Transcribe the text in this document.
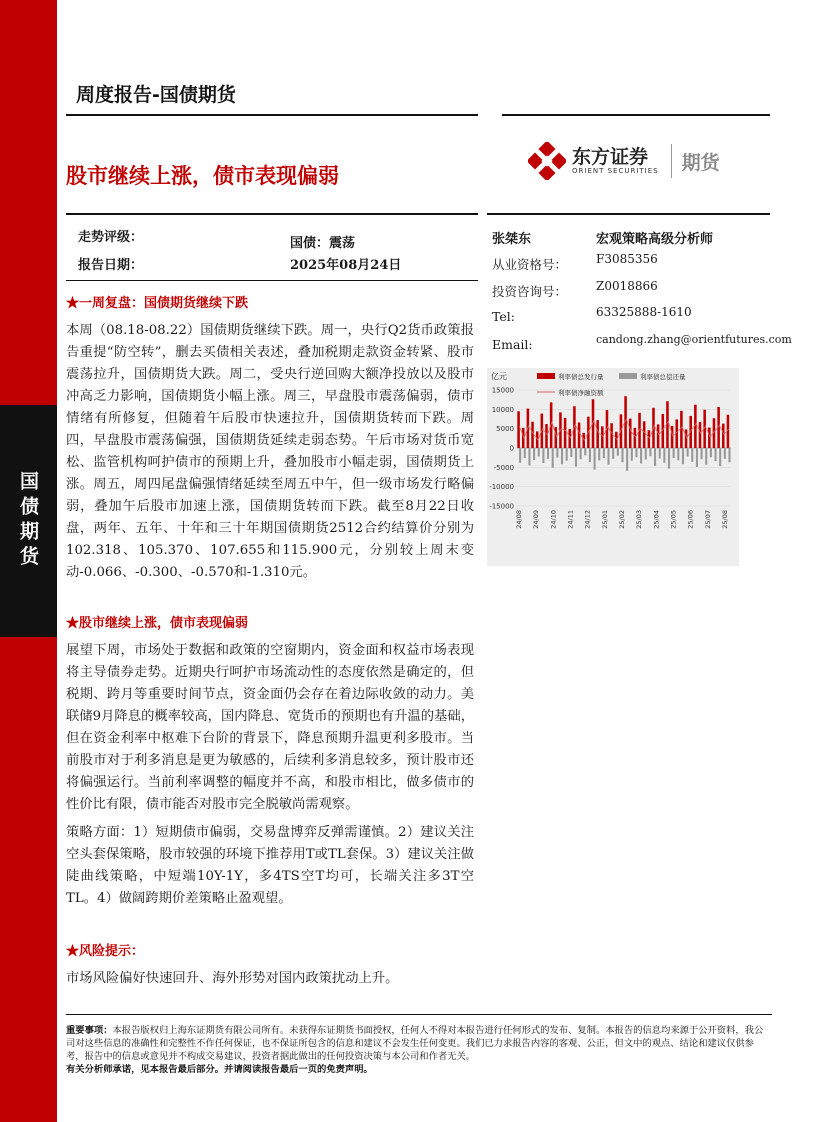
国债期货
周度报告-国债期货
股市继续上涨，债市表现偏弱
东方证券
ORIENT SECURITIES 期货
走势评级：	国债：震荡
报告日期：	2025年08月24日
张桀东	宏观策略高级分析师
从业资格号： F3085356
投资咨询号： Z0018866
Tel:	63325888-1610
Email:	candong.zhang@orientfutures.com
15000
10000
5000
0
-5000
-10000
-15000
24/08 24/09 24/10 24/11 24/12 25/01 25/02 25/03 25/04 25/05 25/06 25/07 25/08
亿元	利率债总发行量	利率债总偿还量
利率债净融资额
★一周复盘：国债期货继续下跌

本周（08.18-08.22）国债期货继续下跌。周一，央行Q2货币政策报告重提“防空转”，删去买债相关表述，叠加税期走款资金转紧、股市震荡拉升，国债期货大跌。周二，受央行逆回购大额净投放以及股市冲高乏力影响，国债期货小幅上涨。周三，早盘股市震荡偏弱，债市情绪有所修复，但随着午后股市快速拉升，国债期货转而下跌。周四，早盘股市震荡偏强，国债期货延续走弱态势。午后市场对货币宽松、监管机构呵护债市的预期上升，叠加股市小幅走弱，国债期货上涨。周五，周四尾盘偏强情绪延续至周五中午，但一级市场发行略偏弱，叠加午后股市加速上涨，国债期货转而下跌。截至8月22日收盘，两年、五年、十年和三十年期国债期货2512合约结算价分别为102.318、105.370、107.655和115.900元，分别较上周末变动-0.066、-0.300、-0.570和-1.310元。

★股市继续上涨，债市表现偏弱

展望下周，市场处于数据和政策的空窗期内，资金面和权益市场表现将主导债券走势。近期央行呵护市场流动性的态度依然是确定的，但税期、跨月等重要时间节点，资金面仍会存在着边际收敛的动力。美联储9月降息的概率较高，国内降息、宽货币的预期也有升温的基础，但在资金利率中枢难下台阶的背景下，降息预期升温更利多股市。当前股市对于利多消息是更为敏感的，后续利多消息较多，预计股市还将偏强运行。当前利率调整的幅度并不高，和股市相比，做多债市的性价比有限，债市能否对股市完全脱敏尚需观察。

策略方面：1）短期债市偏弱，交易盘博弈反弹需谨慎。2）建议关注空头套保策略，股市较强的环境下推荐用T或TL套保。3）建议关注做陡曲线策略，中短端10Y-1Y，多4TS空T均可，长端关注多3T空TL。4）做阔跨期价差策略止盈观望。

★风险提示：

市场风险偏好快速回升、海外形势对国内政策扰动上升。

重要事项：本报告版权归上海东证期货有限公司所有。未获得东证期货书面授权，任何人不得对本报告进行任何形式的发布、复制。本报告的信息均来源于公开资料，我公司对这些信息的准确性和完整性不作任何保证，也不保证所包含的信息和建议不会发生任何变更。我们已力求报告内容的客观、公正，但文中的观点、结论和建议仅供参考，报告中的信息或意见并不构成交易建议，投资者据此做出的任何投资决策与本公司和作者无关。

有关分析师承诺，见本报告最后部分。并请阅读报告最后一页的免责声明。
